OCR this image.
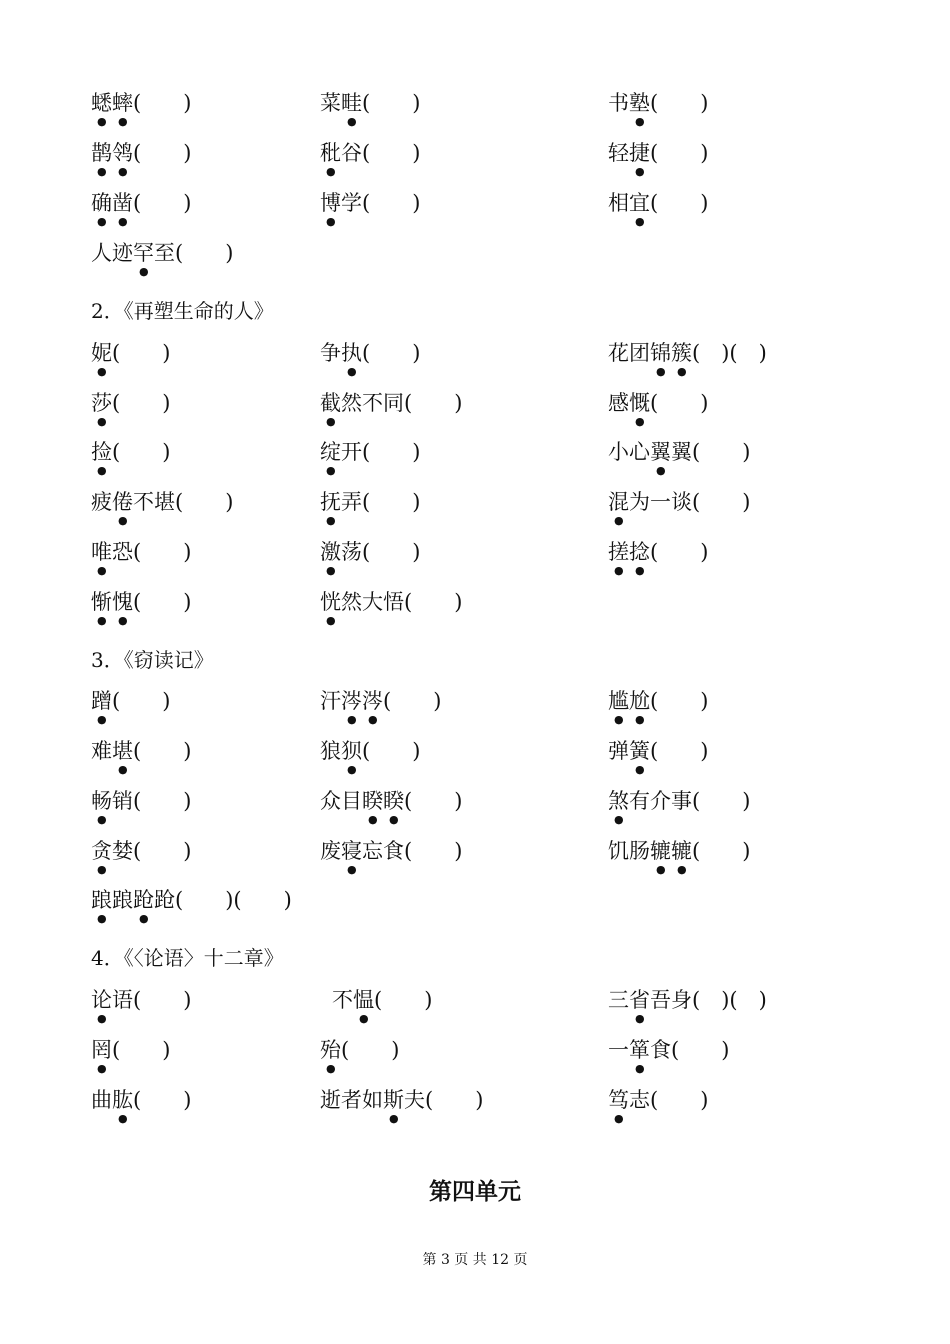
蟋蟀(　　)	菜畦(　　)	书塾(　　)
鹊鸰(　　)	秕谷(　　)	轻捷(　　)
确凿(　　)	博学(　　)	相宜(　　)
人迹罕至(　　)
2．《再塑生命的人》
妮(　　)	争执(　　)	花团锦簇(　)(　)
莎(　　)	截然不同(　　)	感慨(　　)
捡(　　)	绽开(　　)	小心翼翼(　　)
疲倦不堪(　　)	抚弄(　　)	混为一谈(　　)
唯恐(　　)	激荡(　　)	搓捻(　　)
惭愧(　　)	恍然大悟(　　)
3．《窃读记》
蹭(　　)	汗涔涔(　　)	尴尬(　　)
难堪(　　)	狼狈(　　)	弹簧(　　)
畅销(　　)	众目睽睽(　　)	煞有介事(　　)
贪婪(　　)	废寝忘食(　　)	饥肠辘辘(　　)
踉踉跄跄(　　)(　　)
4．《〈论语〉十二章》
论语(　　)	不愠(　　)	三省吾身(　)(　)
罔(　　)	殆(　　)	一箪食(　　)
曲肱(　　)	逝者如斯夫(　　)	笃志(　　)
第四单元
第 3 页 共 12 页
